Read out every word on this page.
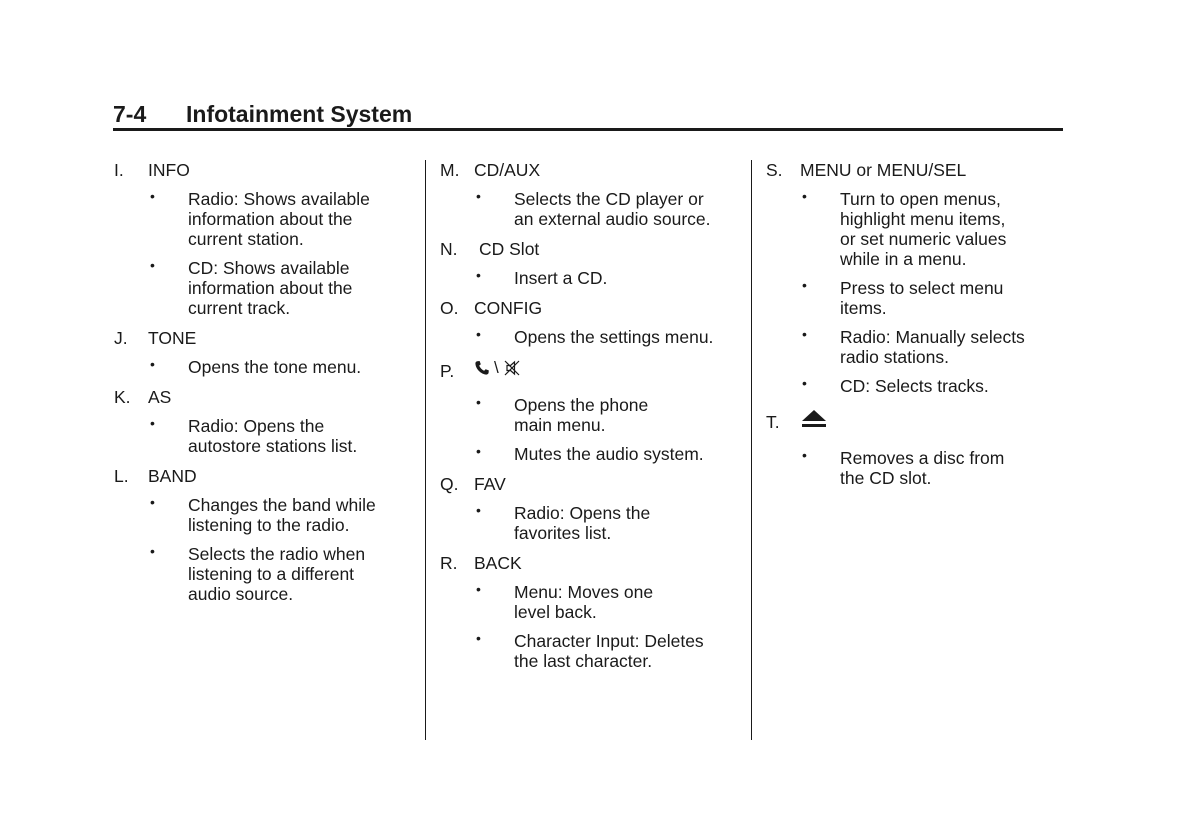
7-4 Infotainment System
I. INFO
• Radio: Shows available
information about the
current station.
• CD: Shows available
information about the
current track.
J. TONE
• Opens the tone menu.
K. AS
• Radio: Opens the
autostore stations list.
L. BAND
• Changes the band while
listening to the radio.
• Selects the radio when
listening to a different
audio source.
M. CD/AUX
• Selects the CD player or
an external audio source.
N. CD Slot
• Insert a CD.
O. CONFIG
• Opens the settings menu.
P. \
• Opens the phone
main menu.
• Mutes the audio system.
Q. FAV
• Radio: Opens the
favorites list.
R. BACK
• Menu: Moves one
level back.
• Character Input: Deletes
the last character.
S. MENU or MENU/SEL
• Turn to open menus,
highlight menu items,
or set numeric values
while in a menu.
• Press to select menu
items.
• Radio: Manually selects
radio stations.
• CD: Selects tracks.
T.
• Removes a disc from
the CD slot.
